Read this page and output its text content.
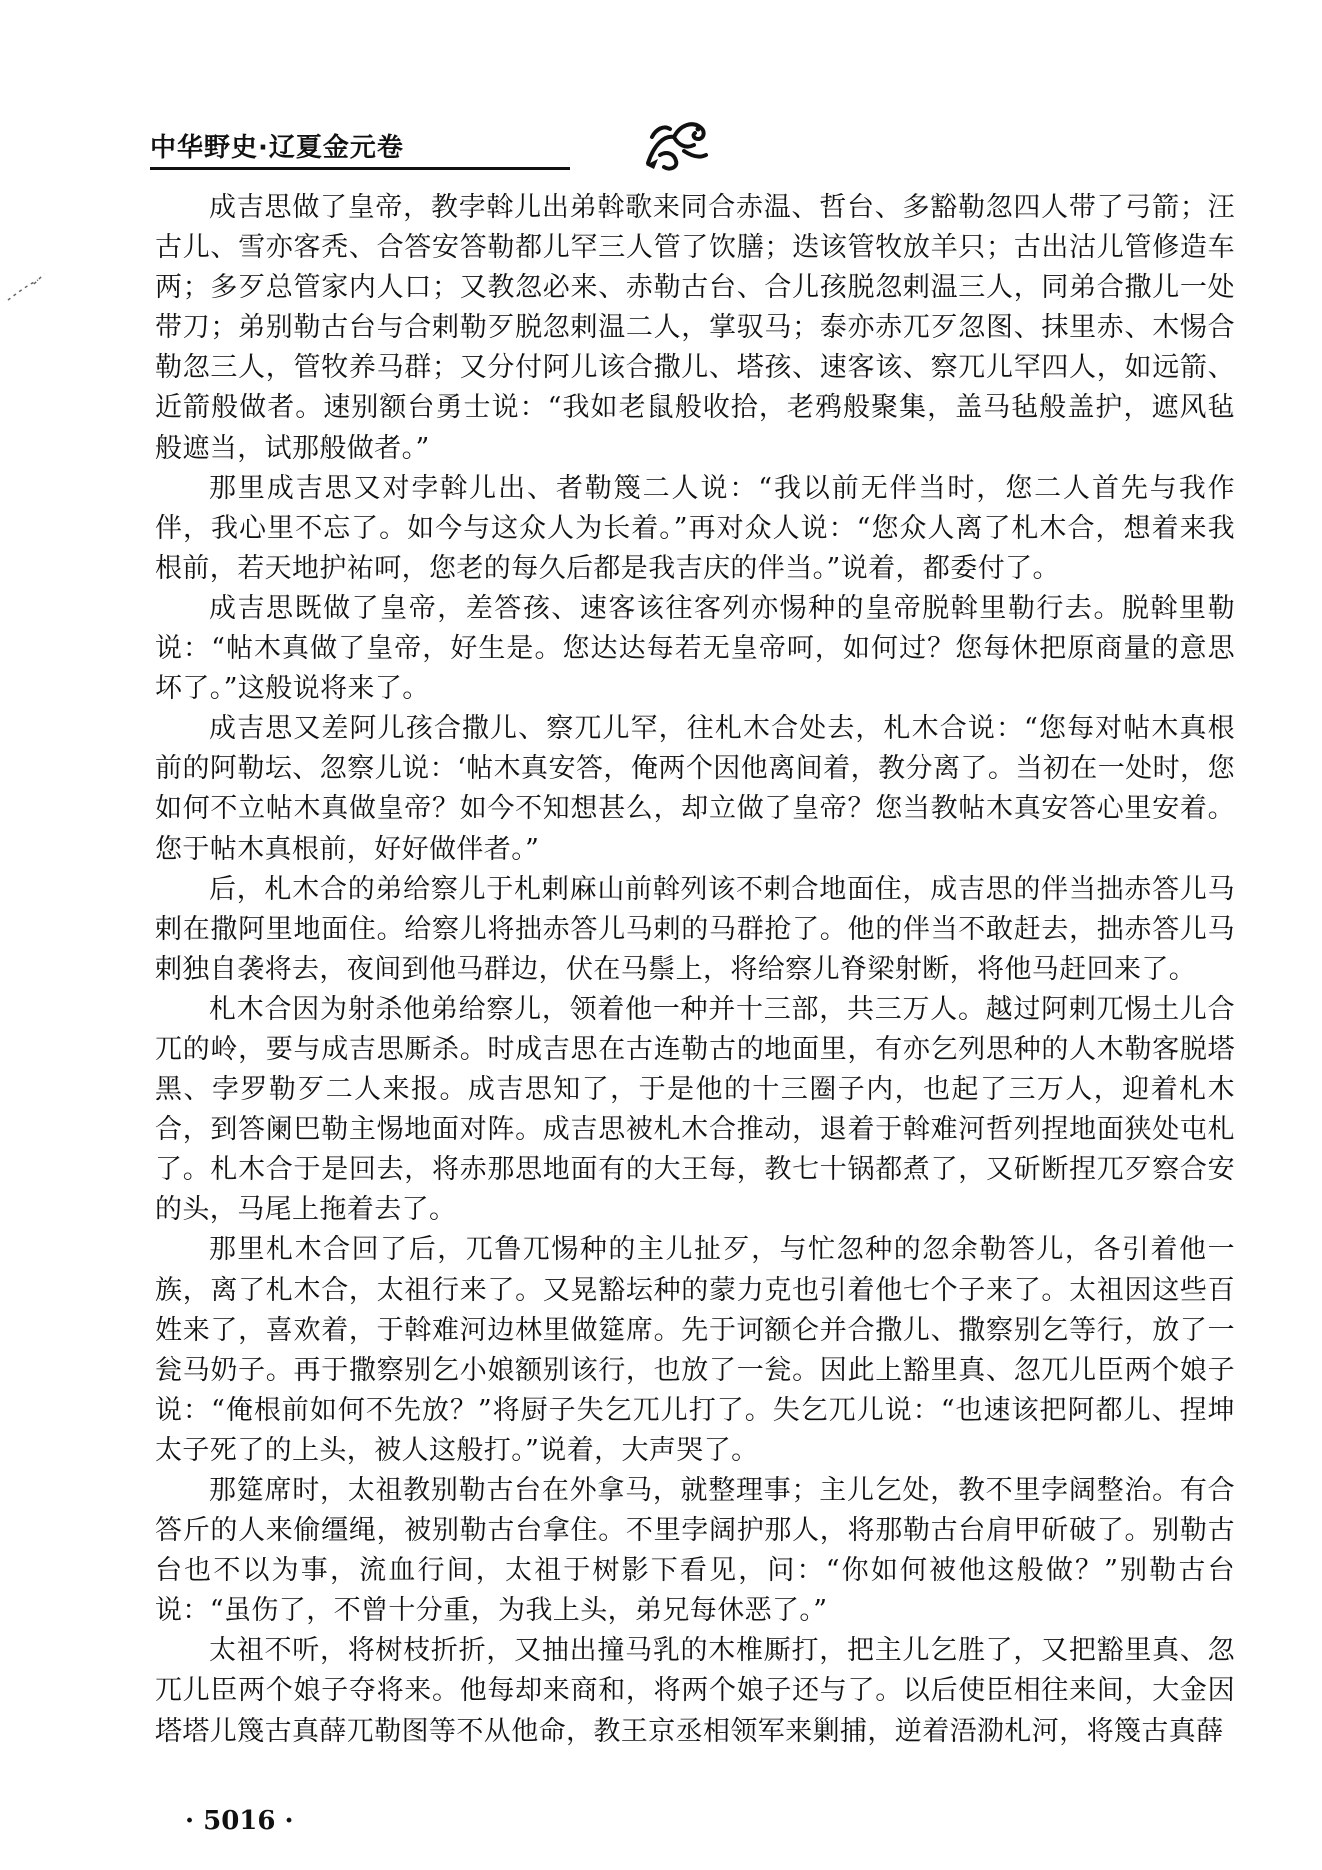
中华野史·辽夏金元卷

成吉思做了皇帝，教孛斡儿出弟斡歌来同合赤温、哲台、多豁勒忽四人带了弓箭；汪古儿、雪亦客秃、合答安答勒都儿罕三人管了饮膳；迭该管牧放羊只；古出沽儿管修造车两；多歹总管家内人口；又教忽必来、赤勒古台、合儿孩脱忽剌温三人，同弟合撒儿一处带刀；弟别勒古台与合剌勒歹脱忽剌温二人，掌驭马；泰亦赤兀歹忽图、抹里赤、木惕合勒忽三人，管牧养马群；又分付阿儿该合撒儿、塔孩、速客该、察兀儿罕四人，如远箭、近箭般做者。速别额台勇士说：“我如老鼠般收拾，老鸦般聚集，盖马毡般盖护，遮风毡般遮当，试那般做者。”

那里成吉思又对孛斡儿出、者勒篾二人说：“我以前无伴当时，您二人首先与我作伴，我心里不忘了。如今与这众人为长着。”再对众人说：“您众人离了札木合，想着来我根前，若天地护祐呵，您老的每久后都是我吉庆的伴当。”说着，都委付了。

成吉思既做了皇帝，差答孩、速客该往客列亦惕种的皇帝脱斡里勒行去。脱斡里勒说：“帖木真做了皇帝，好生是。您达达每若无皇帝呵，如何过？您每休把原商量的意思坏了。”这般说将来了。

成吉思又差阿儿孩合撒儿、察兀儿罕，往札木合处去，札木合说：“您每对帖木真根前的阿勒坛、忽察儿说：‘帖木真安答，俺两个因他离间着，教分离了。当初在一处时，您如何不立帖木真做皇帝？如今不知想甚么，却立做了皇帝？您当教帖木真安答心里安着。您于帖木真根前，好好做伴者。”

后，札木合的弟给察儿于札剌麻山前斡列该不剌合地面住，成吉思的伴当拙赤答儿马剌在撒阿里地面住。给察儿将拙赤答儿马剌的马群抢了。他的伴当不敢赶去，拙赤答儿马剌独自袭将去，夜间到他马群边，伏在马鬃上，将给察儿脊梁射断，将他马赶回来了。

札木合因为射杀他弟给察儿，领着他一种并十三部，共三万人。越过阿剌兀惕土儿合兀的岭，要与成吉思厮杀。时成吉思在古连勒古的地面里，有亦乞列思种的人木勒客脱塔黑、孛罗勒歹二人来报。成吉思知了，于是他的十三圈子内，也起了三万人，迎着札木合，到答阑巴勒主惕地面对阵。成吉思被札木合推动，退着于斡难河哲列捏地面狭处屯札了。札木合于是回去，将赤那思地面有的大王每，教七十锅都煮了，又斫断捏兀歹察合安的头，马尾上拖着去了。

那里札木合回了后，兀鲁兀惕种的主儿扯歹，与忙忽种的忽余勒答儿，各引着他一族，离了札木合，太祖行来了。又晃豁坛种的蒙力克也引着他七个子来了。太祖因这些百姓来了，喜欢着，于斡难河边林里做筵席。先于诃额仑并合撒儿、撒察别乞等行，放了一瓮马奶子。再于撒察别乞小娘额别该行，也放了一瓮。因此上豁里真、忽兀儿臣两个娘子说：“俺根前如何不先放？”将厨子失乞兀儿打了。失乞兀儿说：“也速该把阿都儿、捏坤太子死了的上头，被人这般打。”说着，大声哭了。

那筵席时，太祖教别勒古台在外拿马，就整理事；主儿乞处，教不里孛阔整治。有合答斤的人来偷缰绳，被别勒古台拿住。不里孛阔护那人，将那勒古台肩甲斫破了。别勒古台也不以为事，流血行间，太祖于树影下看见，问：“你如何被他这般做？”别勒古台说：“虽伤了，不曾十分重，为我上头，弟兄每休恶了。”

太祖不听，将树枝折折，又抽出撞马乳的木椎厮打，把主儿乞胜了，又把豁里真、忽兀儿臣两个娘子夺将来。他每却来商和，将两个娘子还与了。以后使臣相往来间，大金因塔塔儿篾古真薛兀勒图等不从他命，教王京丞相领军来剿捕，逆着浯泐札河，将篾古真薛

· 5016 ·
